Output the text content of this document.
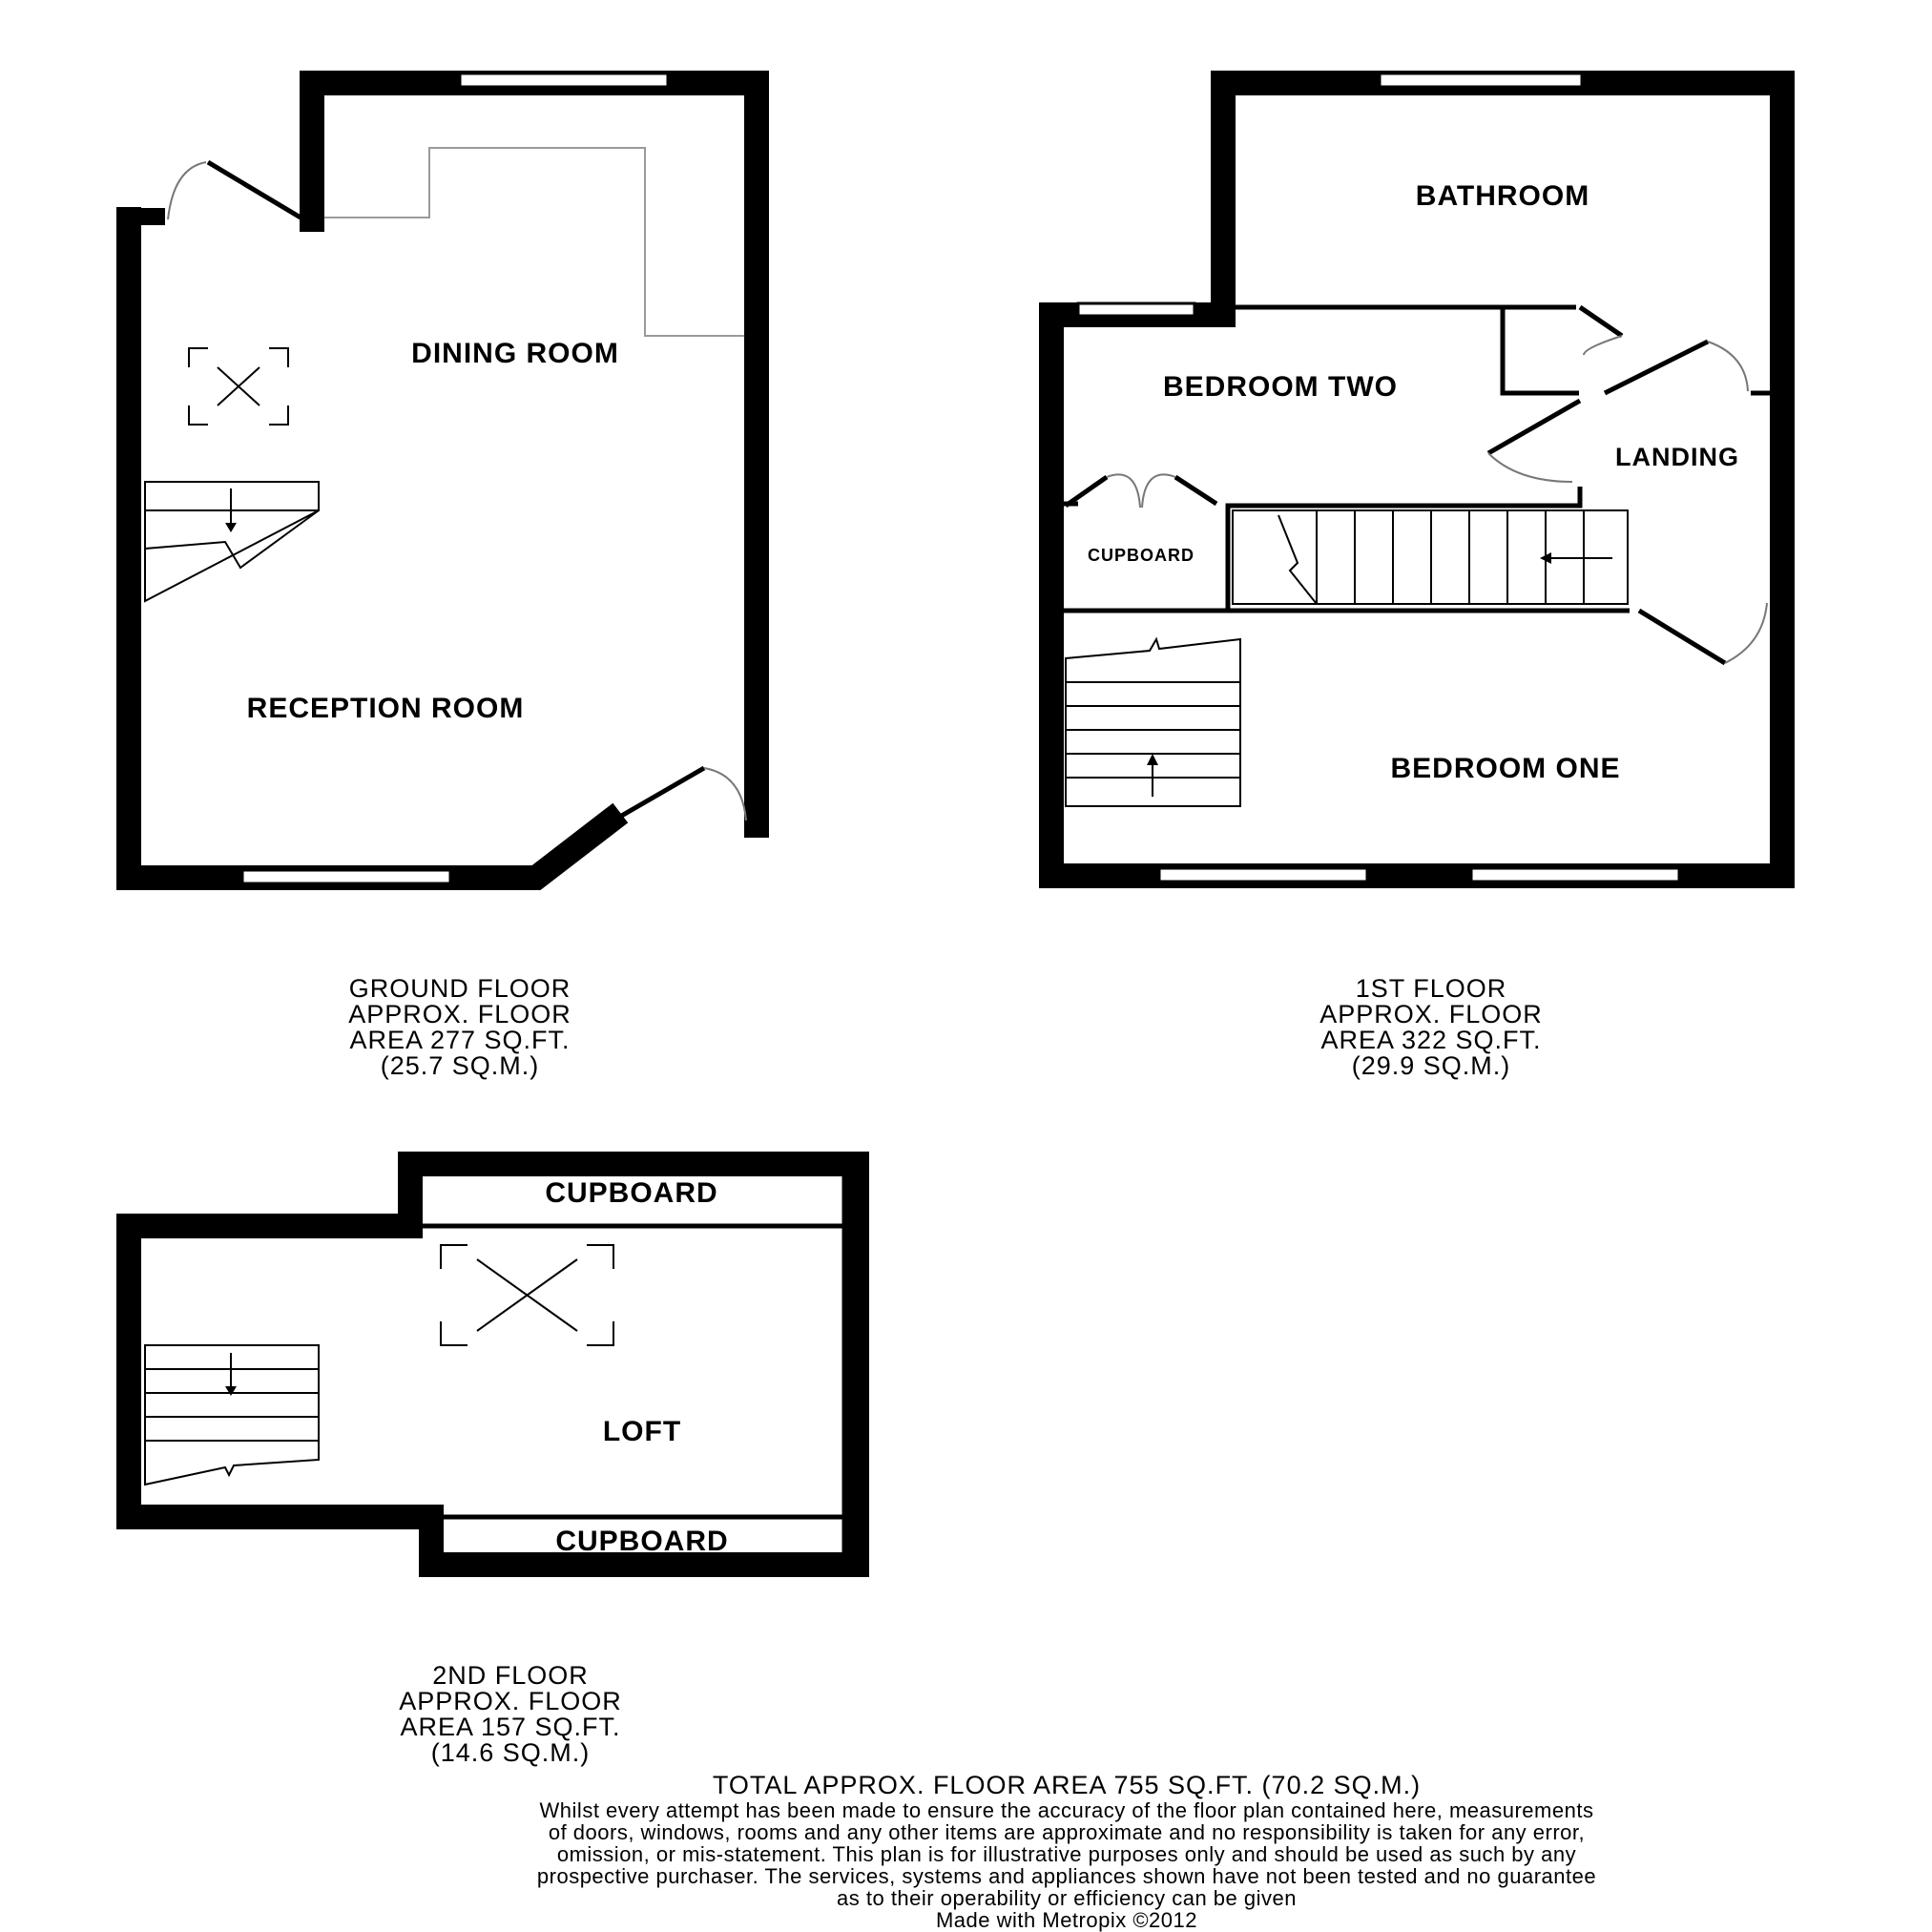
DINING ROOM
RECEPTION ROOM
GROUND FLOOR
APPROX. FLOOR
AREA 277 SQ.FT.
(25.7 SQ.M.)
BATHROOM
BEDROOM TWO
LANDING
CUPBOARD
BEDROOM ONE
1ST FLOOR
APPROX. FLOOR
AREA 322 SQ.FT.
(29.9 SQ.M.)
CUPBOARD
LOFT
CUPBOARD
2ND FLOOR
APPROX. FLOOR
AREA 157 SQ.FT.
(14.6 SQ.M.)
TOTAL APPROX. FLOOR AREA 755 SQ.FT. (70.2 SQ.M.)
Whilst every attempt has been made to ensure the accuracy of the floor plan contained here, measurements
of doors, windows, rooms and any other items are approximate and no responsibility is taken for any error,
omission, or mis-statement. This plan is for illustrative purposes only and should be used as such by any
prospective purchaser. The services, systems and appliances shown have not been tested and no guarantee
as to their operability or efficiency can be given
Made with Metropix ©2012
